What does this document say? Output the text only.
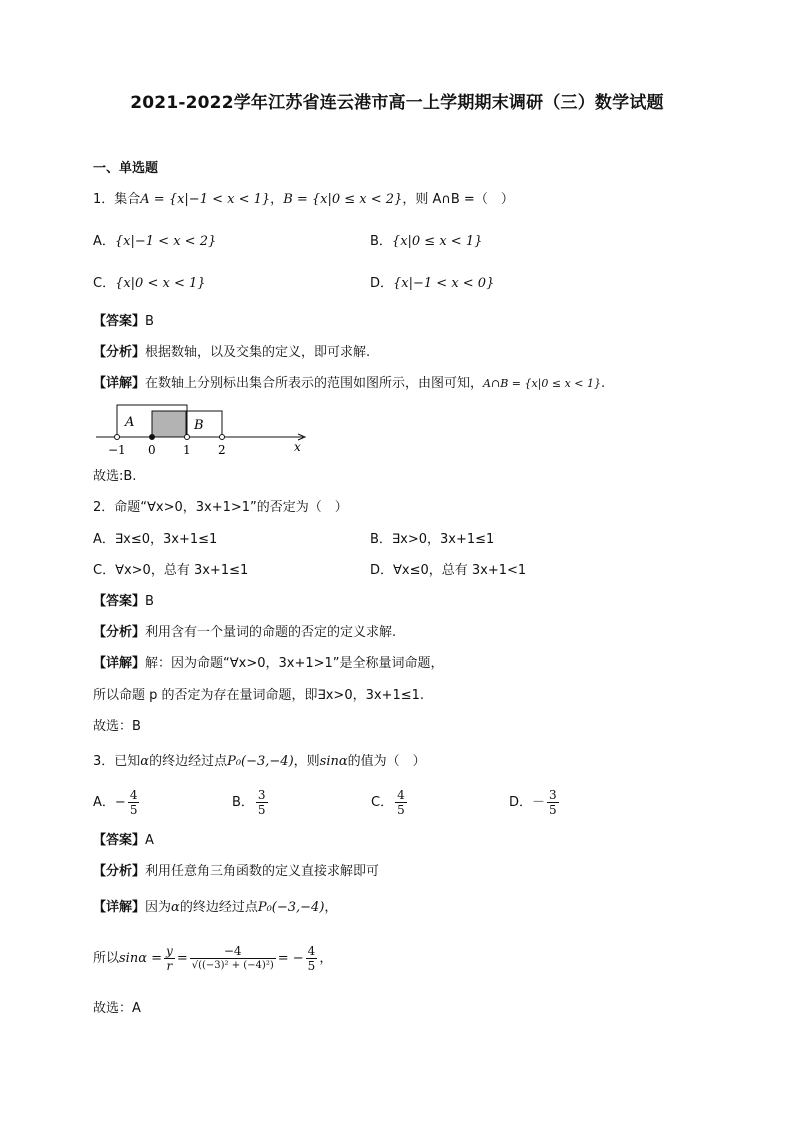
2021-2022学年江苏省连云港市高一上学期期末调研（三）数学试题
一、单选题
1．集合A = {x|−1 < x < 1}，B = {x|0 ≤ x < 2}，则 A∩B =（　）
A．{x|−1 < x < 2}	B．{x|0 ≤ x < 1}
C．{x|0 < x < 1}	D．{x|−1 < x < 0}
【答案】B
【分析】根据数轴，以及交集的定义，即可求解.
【详解】在数轴上分别标出集合所表示的范围如图所示，由图可知，A∩B = {x|0 ≤ x < 1}.
A	B
−1 0 1 2	x
故选:B.
2．命题“∀x>0，3x+1>1”的否定为（　）
A．∃x≤0，3x+1≤1	B．∃x>0，3x+1≤1
C．∀x>0，总有 3x+1≤1	D．∀x≤0，总有 3x+1<1
【答案】B
【分析】利用含有一个量词的命题的否定的定义求解.
【详解】解：因为命题“∀x>0，3x+1>1”是全称量词命题，
所以命题 p 的否定为存在量词命题，即∃x>0，3x+1≤1.
故选：B
3．已知α的终边经过点P₀(−3,−4)，则sinα的值为（　）
A．− $\frac{4}{5}$	B． $\frac{3}{5}$	C． $\frac{4}{5}$	D．－ $\frac{3}{5}$
【答案】A
【分析】利用任意角三角函数的定义直接求解即可
【详解】因为α的终边经过点P₀(−3,−4)，
所以$\sin\alpha = \frac{y}{r} = \frac{-4}{\text{√((−3)² + (−4)²)}}$ = − $\frac{4}{5}$ ，
故选：A
